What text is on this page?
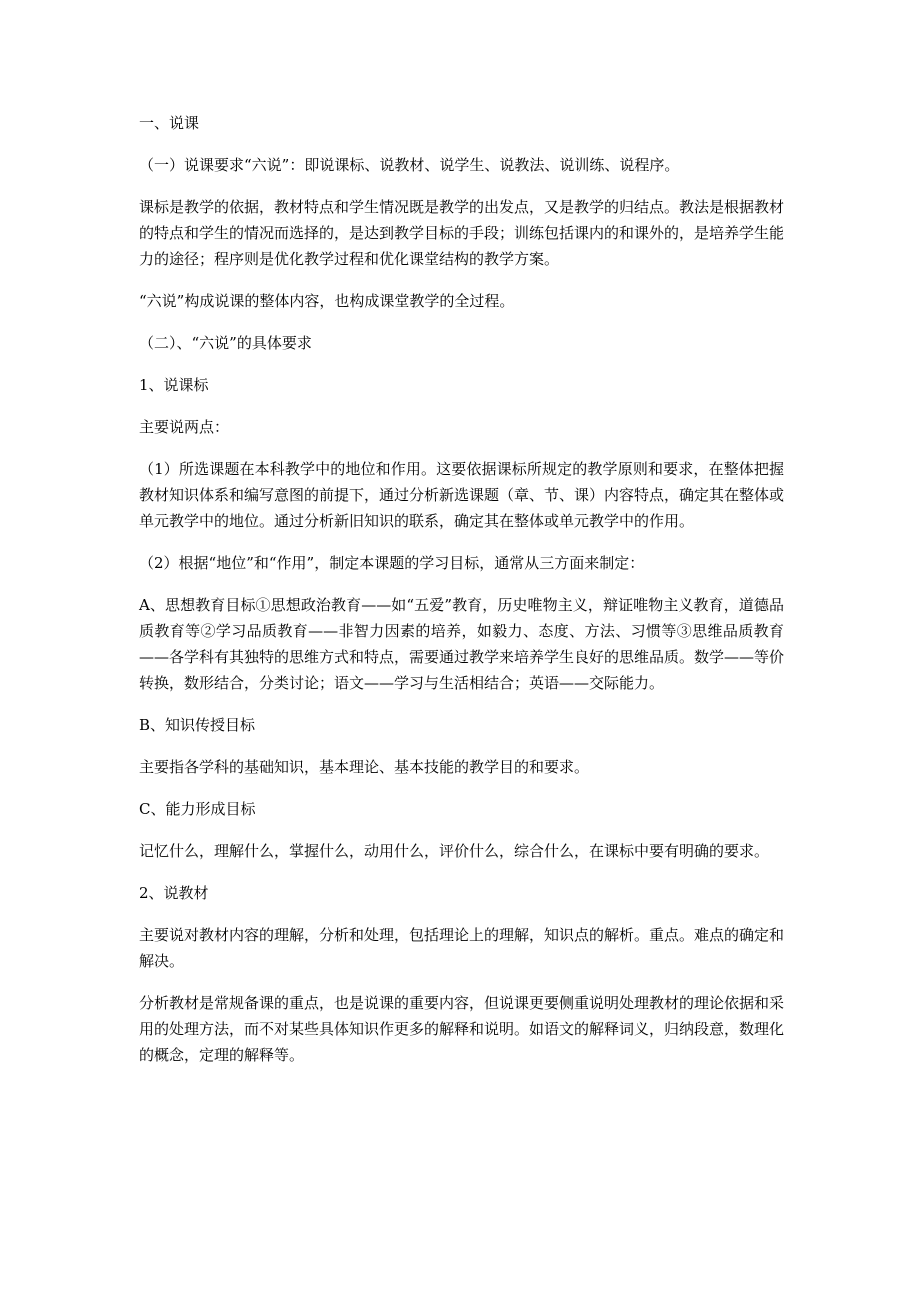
一、说课

（一）说课要求“六说”：即说课标、说教材、说学生、说教法、说训练、说程序。

课标是教学的依据，教材特点和学生情况既是教学的出发点，又是教学的归结点。教法是根据教材的特点和学生的情况而选择的，是达到教学目标的手段；训练包括课内的和课外的，是培养学生能力的途径；程序则是优化教学过程和优化课堂结构的教学方案。

“六说”构成说课的整体内容，也构成课堂教学的全过程。

（二）、“六说”的具体要求

1、说课标

主要说两点：

（1）所选课题在本科教学中的地位和作用。这要依据课标所规定的教学原则和要求，在整体把握教材知识体系和编写意图的前提下，通过分析新选课题（章、节、课）内容特点，确定其在整体或单元教学中的地位。通过分析新旧知识的联系，确定其在整体或单元教学中的作用。

（2）根据“地位”和“作用”，制定本课题的学习目标，通常从三方面来制定：

A、思想教育目标①思想政治教育——如“五爱”教育，历史唯物主义，辩证唯物主义教育，道德品质教育等②学习品质教育——非智力因素的培养，如毅力、态度、方法、习惯等③思维品质教育——各学科有其独特的思维方式和特点，需要通过教学来培养学生良好的思维品质。数学——等价转换，数形结合，分类讨论；语文——学习与生活相结合；英语——交际能力。

B、知识传授目标

主要指各学科的基础知识，基本理论、基本技能的教学目的和要求。

C、能力形成目标

记忆什么，理解什么，掌握什么，动用什么，评价什么，综合什么，在课标中要有明确的要求。

2、说教材

主要说对教材内容的理解，分析和处理，包括理论上的理解，知识点的解析。重点。难点的确定和解决。

分析教材是常规备课的重点，也是说课的重要内容，但说课更要侧重说明处理教材的理论依据和采用的处理方法，而不对某些具体知识作更多的解释和说明。如语文的解释词义，归纳段意，数理化的概念，定理的解释等。
